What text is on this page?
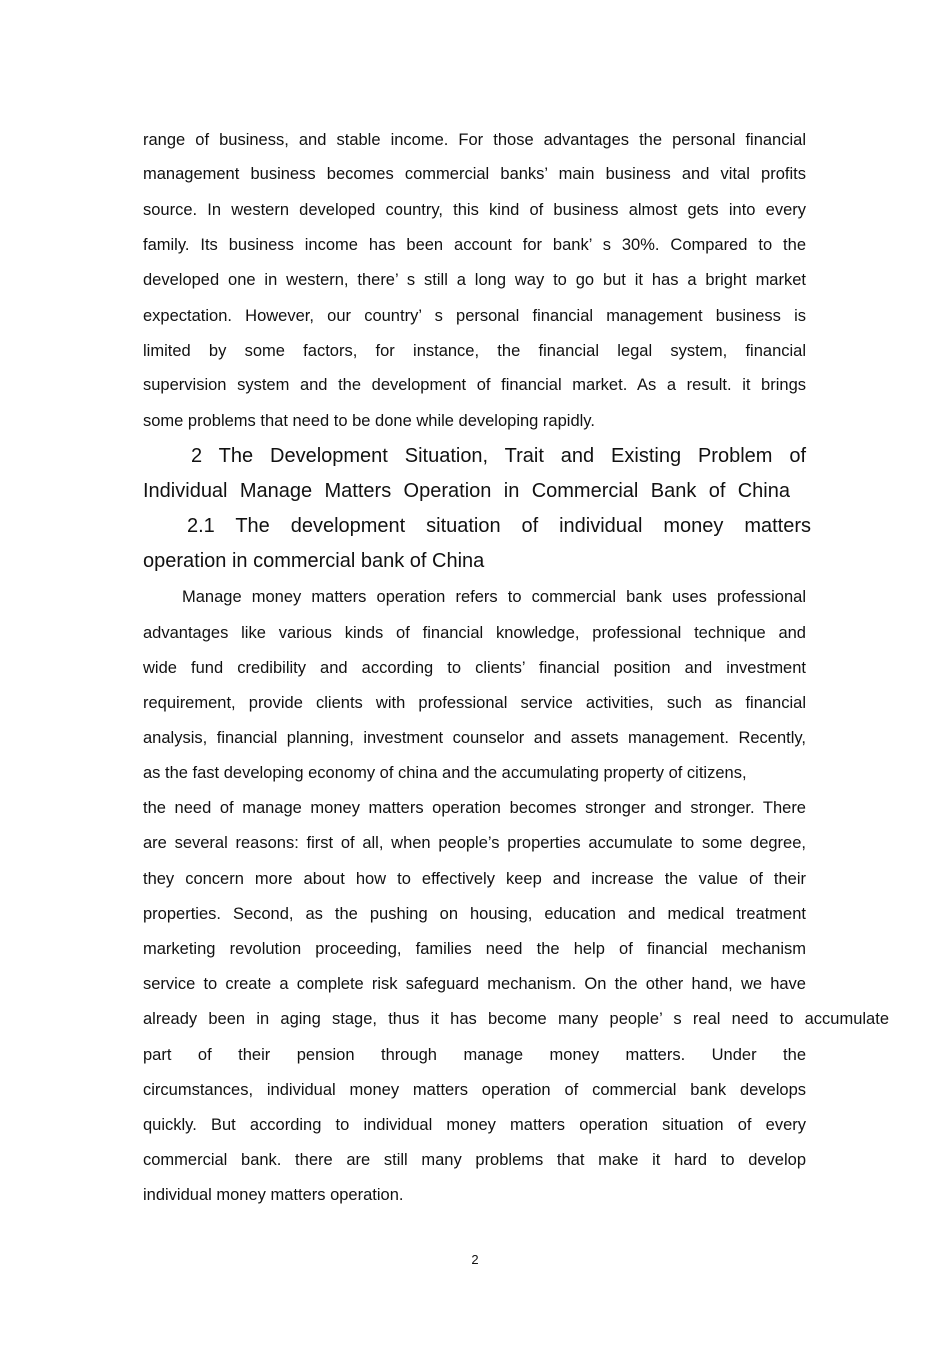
range of business, and stable income. For those advantages the personal financial
management business becomes commercial banks’ main business and vital profits
source. In western developed country, this kind of business almost gets into every
family. Its business income has been account for bank’ s 30%. Compared to the
developed one in western, there’ s still a long way to go but it has a bright market
expectation. However, our country’ s personal financial management business is
limited by some factors, for instance, the financial legal system, financial
supervision system and the development of financial market. As a result. it brings
some problems that need to be done while developing rapidly.
2 The Development Situation, Trait and Existing Problem of
Individual Manage Matters Operation in Commercial Bank of China
2.1 The development situation of individual money matters
operation in commercial bank of China
Manage money matters operation refers to commercial bank uses professional
advantages like various kinds of financial knowledge, professional technique and
wide fund credibility and according to clients’ financial position and investment
requirement, provide clients with professional service activities, such as financial
analysis, financial planning, investment counselor and assets management. Recently,
as the fast developing economy of china and the accumulating property of citizens,
the need of manage money matters operation becomes stronger and stronger. There
are several reasons: first of all, when people’s properties accumulate to some degree,
they concern more about how to effectively keep and increase the value of their
properties. Second, as the pushing on housing, education and medical treatment
marketing revolution proceeding, families need the help of financial mechanism
service to create a complete risk safeguard mechanism. On the other hand, we have
already been in aging stage, thus it has become many people’ s real need to accumulate
part of their pension through manage money matters. Under the
circumstances, individual money matters operation of commercial bank develops
quickly. But according to individual money matters operation situation of every
commercial bank. there are still many problems that make it hard to develop
individual money matters operation.
2
